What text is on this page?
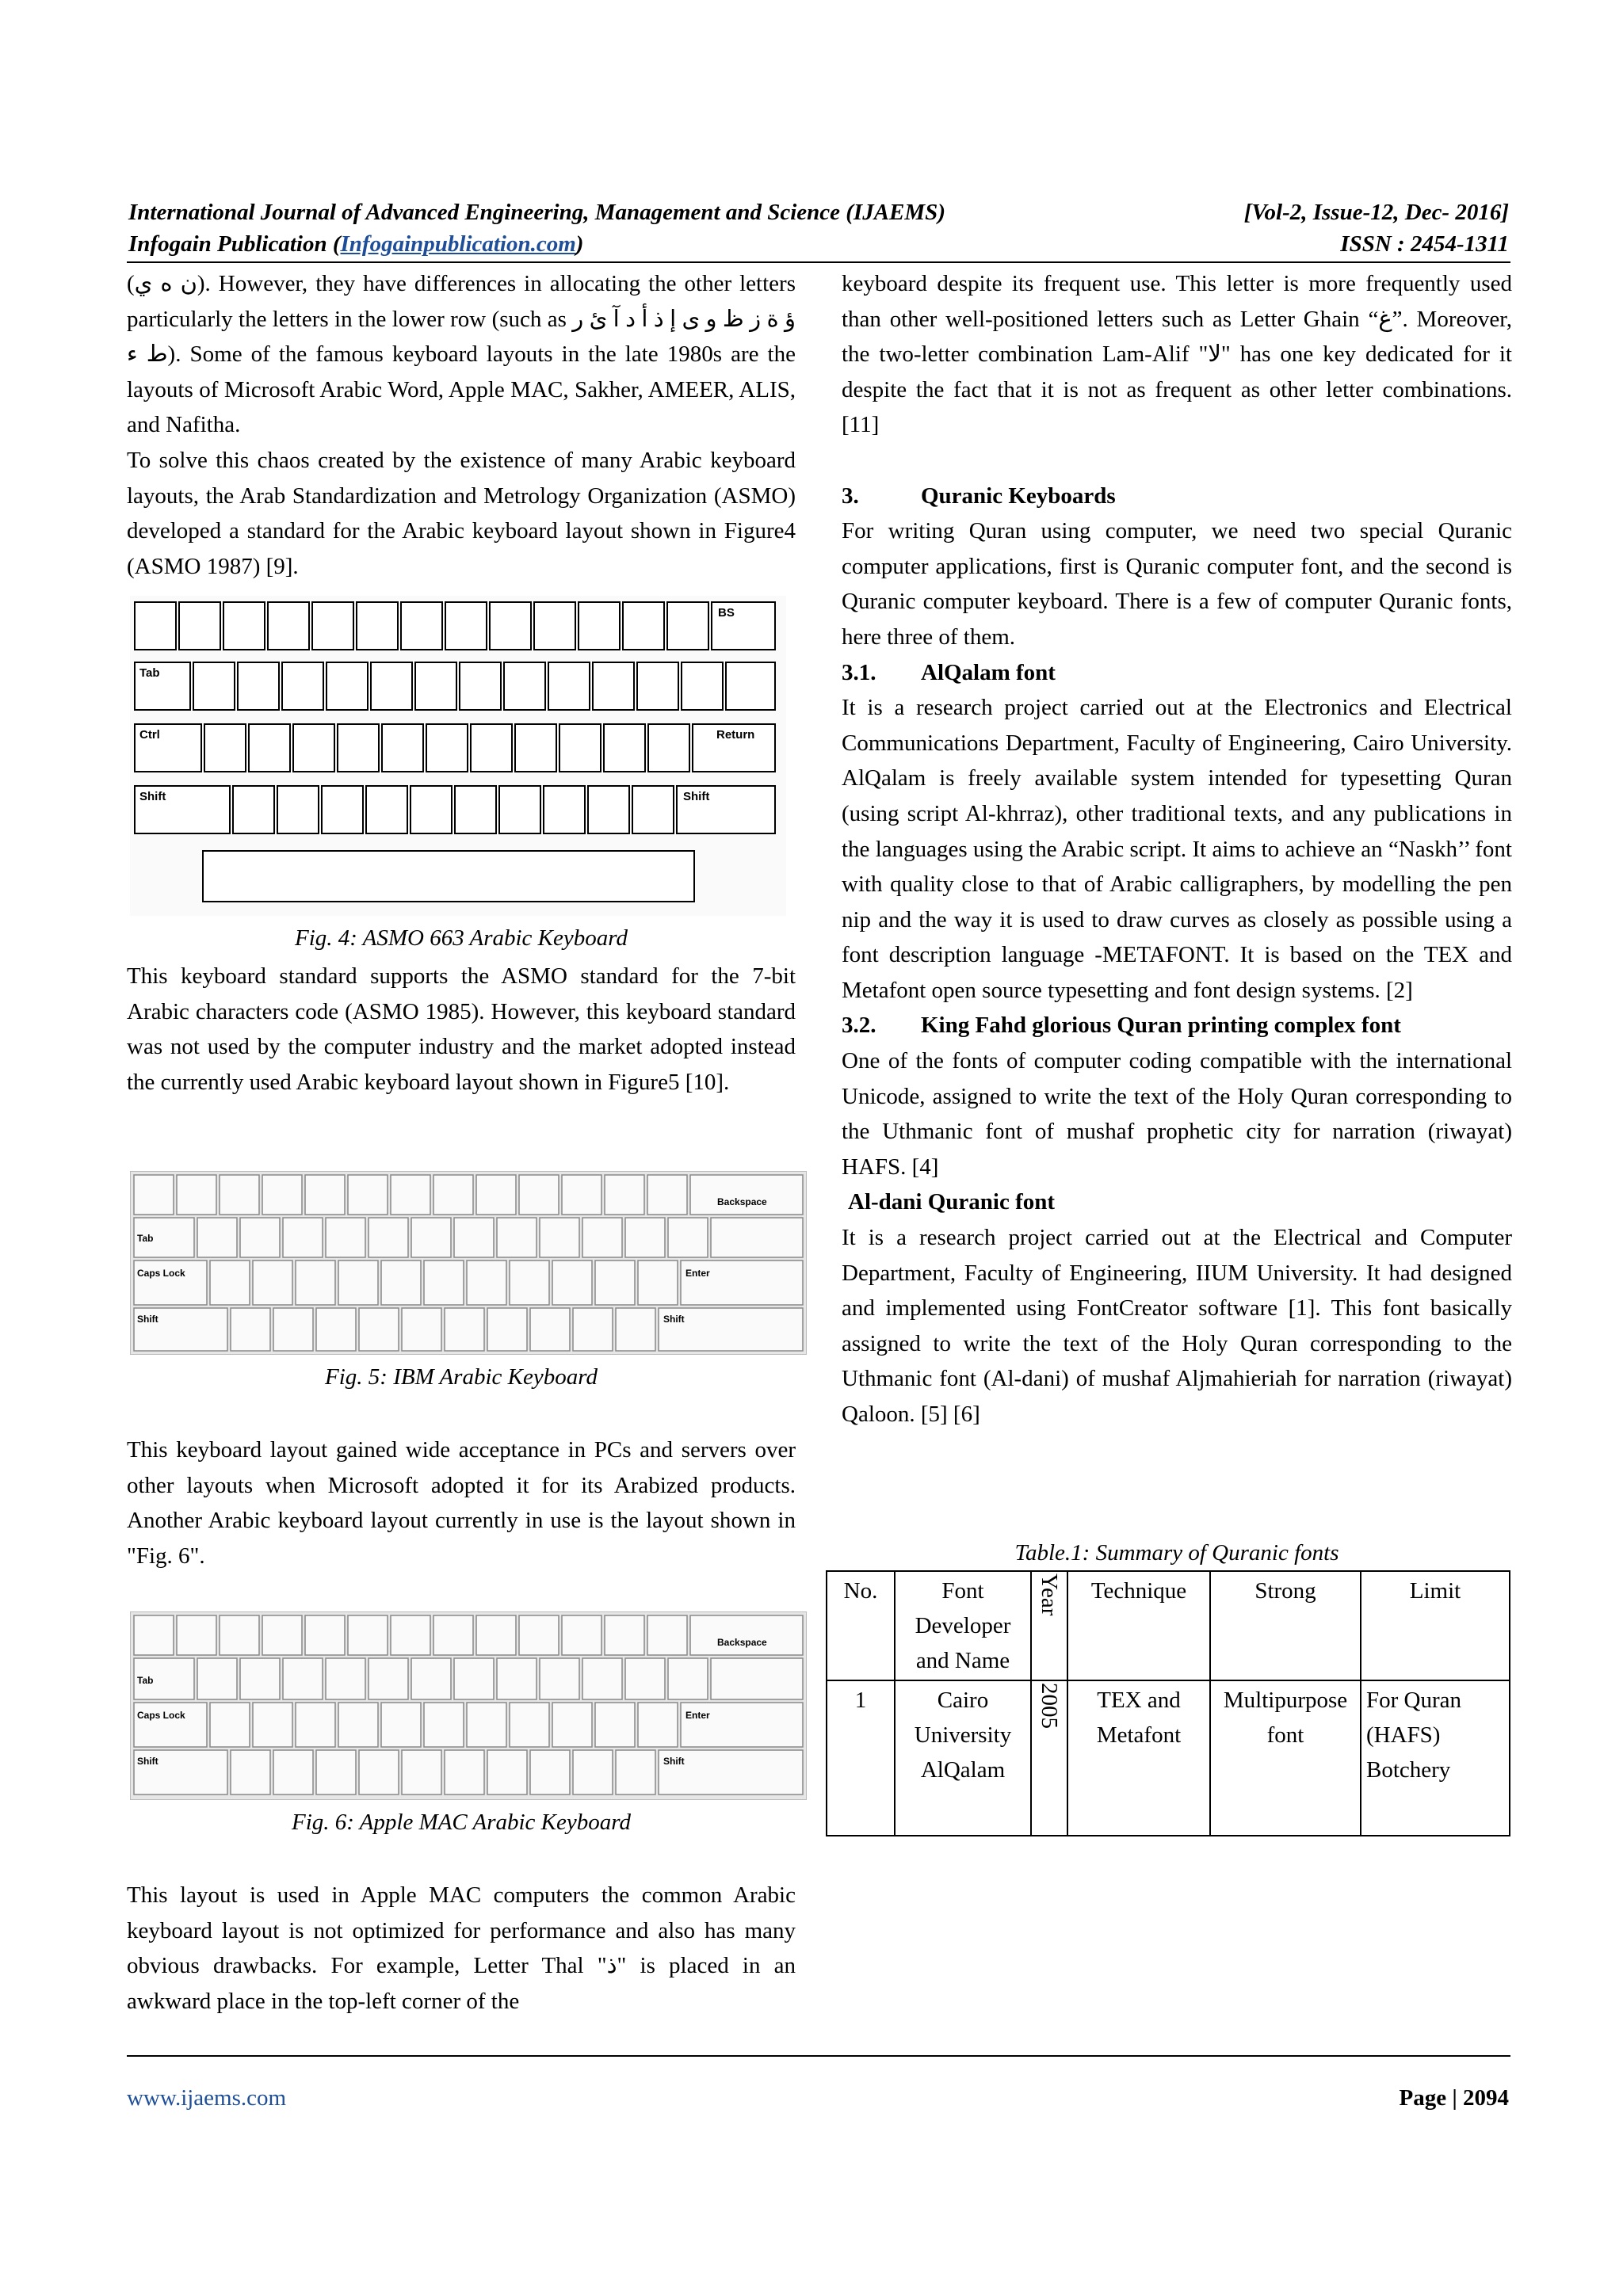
International Journal of Advanced Engineering, Management and Science (IJAEMS)	[Vol-2, Issue-12, Dec- 2016]
Infogain Publication (Infogainpublication.com)	ISSN : 2454-1311

(ن ه ي). However, they have differences in allocating the other letters particularly the letters in the lower row (such as ؤ ة ز ظ و ى إ ذ أ د آ ئ ر ط ء). Some of the famous keyboard layouts in the late 1980s are the layouts of Microsoft Arabic Word, Apple MAC, Sakher, AMEER, ALIS, and Nafitha.

To solve this chaos created by the existence of many Arabic keyboard layouts, the Arab Standardization and Metrology Organization (ASMO) developed a standard for the Arabic keyboard layout shown in Figure4 (ASMO 1987) [9].

BS
Tab
Ctrl	Return
Shift	Shift
Fig. 4: ASMO 663 Arabic Keyboard

This keyboard standard supports the ASMO standard for the 7-bit Arabic characters code (ASMO 1985). However, this keyboard standard was not used by the computer industry and the market adopted instead the currently used Arabic keyboard layout shown in Figure5 [10].

Backspace
Tab
Caps Lock	Enter
Shift	Shift
Fig. 5: IBM Arabic Keyboard

This keyboard layout gained wide acceptance in PCs and servers over other layouts when Microsoft adopted it for its Arabized products. Another Arabic keyboard layout currently in use is the layout shown in "Fig. 6".

Backspace
Tab
Caps Lock	Enter
Shift	Shift
Fig. 6: Apple MAC Arabic Keyboard

This layout is used in Apple MAC computers the common Arabic keyboard layout is not optimized for performance and also has many obvious drawbacks. For example, Letter Thal "ذ" is placed in an awkward place in the top-left corner of the

keyboard despite its frequent use. This letter is more frequently used than other well-positioned letters such as Letter Ghain “غ”. Moreover, the two-letter combination Lam-Alif "لا" has one key dedicated for it despite the fact that it is not as frequent as other letter combinations. [11]

3.	Quranic Keyboards

For writing Quran using computer, we need two special Quranic computer applications, first is Quranic computer font, and the second is Quranic computer keyboard. There is a few of computer Quranic fonts, here three of them.

3.1. AlQalam font

It is a research project carried out at the Electronics and Electrical Communications Department, Faculty of Engineering, Cairo University. AlQalam is freely available system intended for typesetting Quran (using script Al-khrraz), other traditional texts, and any publications in the languages using the Arabic script. It aims to achieve an “Naskh’’ font with quality close to that of Arabic calligraphers, by modelling the pen nip and the way it is used to draw curves as closely as possible using a font description language -METAFONT. It is based on the TEX and Metafont open source typesetting and font design systems. [2]

3.2. King Fahd glorious Quran printing complex font

One of the fonts of computer coding compatible with the international Unicode, assigned to write the text of the Holy Quran corresponding to the Uthmanic font of mushaf prophetic city for narration (riwayat) HAFS. [4]

Al-dani Quranic font

It is a research project carried out at the Electrical and Computer Department, Faculty of Engineering, IIUM University. It had designed and implemented using FontCreator software [1]. This font basically assigned to write the text of the Holy Quran corresponding to the Uthmanic font (Al-dani) of mushaf Aljmahieriah for narration (riwayat) Qaloon. [5] [6]

Table.1: Summary of Quranic fonts
No.	Font Developer and Name	Year	Technique	Strong	Limit
1	Cairo University AlQalam	2005	TEX and Metafont	Multipurpose font	For Quran (HAFS) Botchery
www.ijaems.com	Page | 2094
